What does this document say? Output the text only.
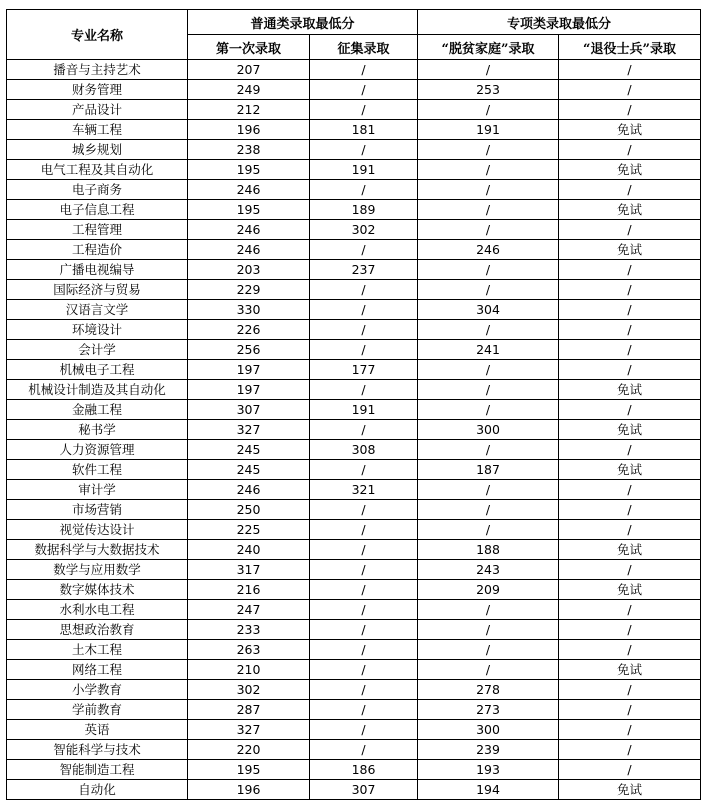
专业名称	普通类录取最低分		专项类录取最低分	
	第一次录取	征集录取	“脱贫家庭”录取	“退役士兵”录取
播音与主持艺术	207	/	/	/
财务管理	249	/	253	/
产品设计	212	/	/	/
车辆工程	196	181	191	免试
城乡规划	238	/	/	/
电气工程及其自动化	195	191	/	免试
电子商务	246	/	/	/
电子信息工程	195	189	/	免试
工程管理	246	302	/	/
工程造价	246	/	246	免试
广播电视编导	203	237	/	/
国际经济与贸易	229	/	/	/
汉语言文学	330	/	304	/
环境设计	226	/	/	/
会计学	256	/	241	/
机械电子工程	197	177	/	/
机械设计制造及其自动化	197	/	/	免试
金融工程	307	191	/	/
秘书学	327	/	300	免试
人力资源管理	245	308	/	/
软件工程	245	/	187	免试
审计学	246	321	/	/
市场营销	250	/	/	/
视觉传达设计	225	/	/	/
数据科学与大数据技术	240	/	188	免试
数学与应用数学	317	/	243	/
数字媒体技术	216	/	209	免试
水利水电工程	247	/	/	/
思想政治教育	233	/	/	/
土木工程	263	/	/	/
网络工程	210	/	/	免试
小学教育	302	/	278	/
学前教育	287	/	273	/
英语	327	/	300	/
智能科学与技术	220	/	239	/
智能制造工程	195	186	193	/
自动化	196	307	194	免试
